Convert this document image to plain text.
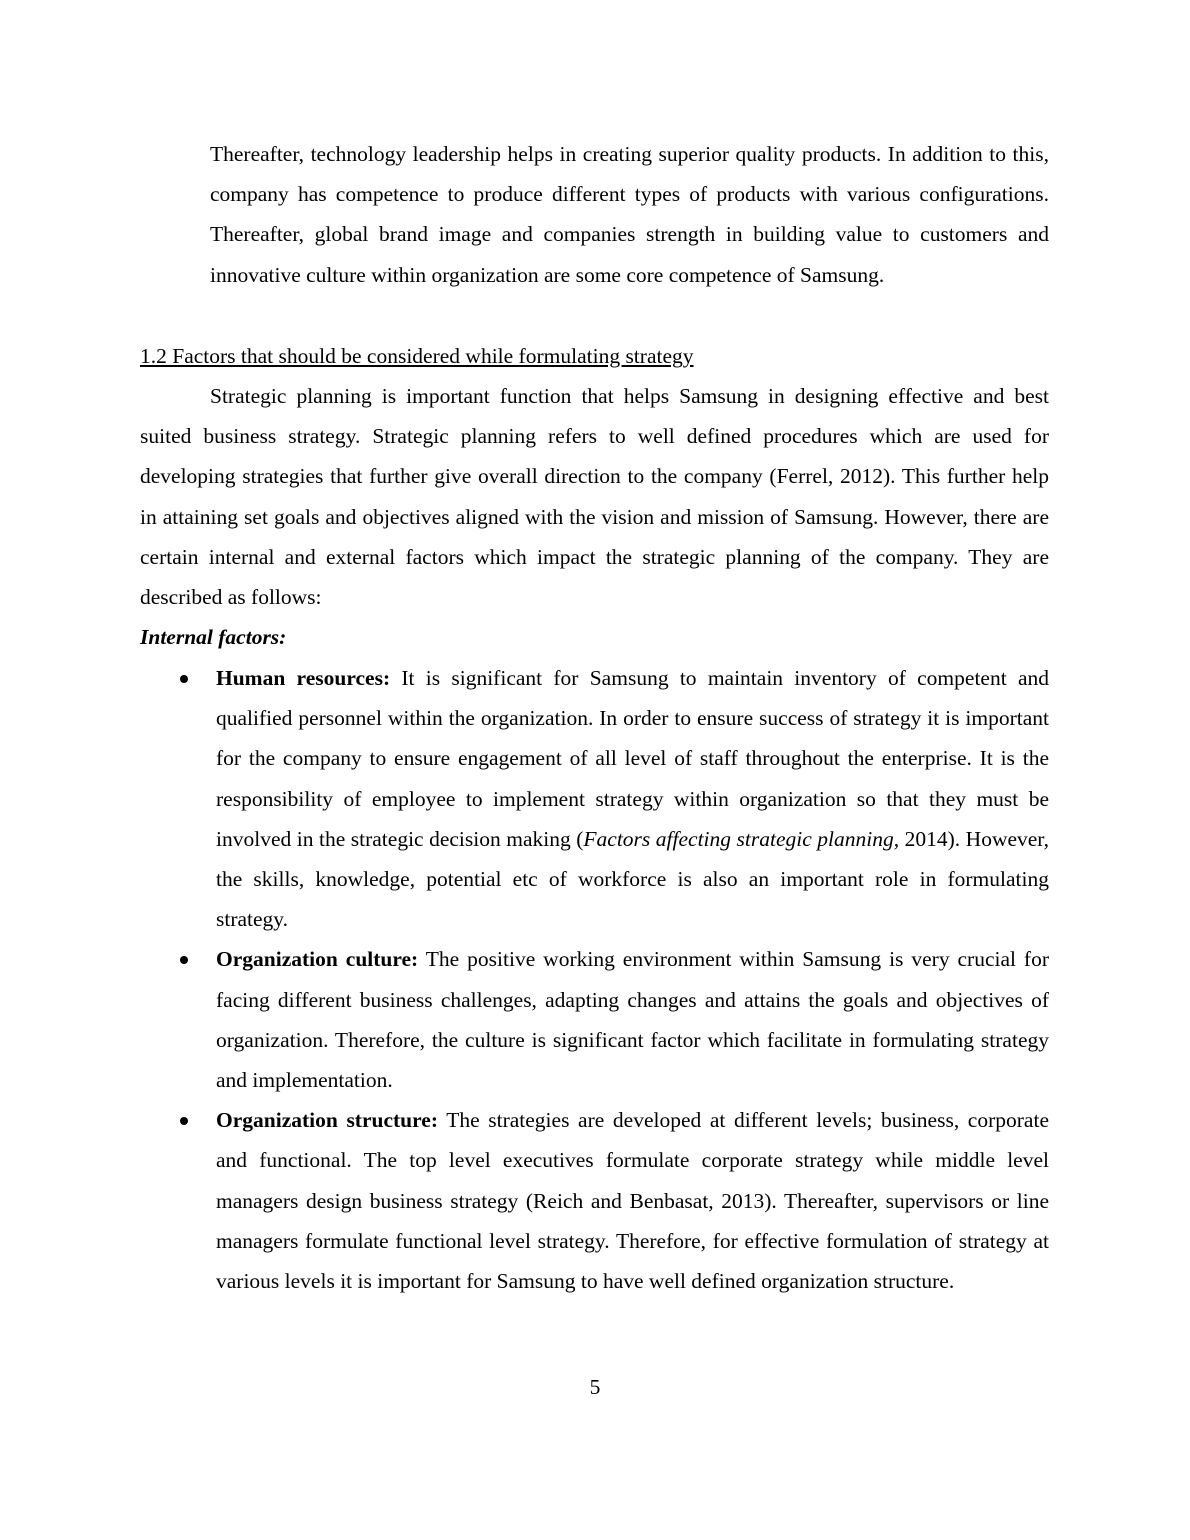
Thereafter, technology leadership helps in creating superior quality products. In addition to this, company has competence to produce different types of products with various configurations. Thereafter, global brand image and companies strength in building value to customers and innovative culture within organization are some core competence of Samsung.

1.2 Factors that should be considered while formulating strategy

Strategic planning is important function that helps Samsung in designing effective and best suited business strategy. Strategic planning refers to well defined procedures which are used for developing strategies that further give overall direction to the company (Ferrel, 2012). This further help in attaining set goals and objectives aligned with the vision and mission of Samsung. However, there are certain internal and external factors which impact the strategic planning of the company. They are described as follows:

Internal factors:

Human resources: It is significant for Samsung to maintain inventory of competent and qualified personnel within the organization. In order to ensure success of strategy it is important for the company to ensure engagement of all level of staff throughout the enterprise. It is the responsibility of employee to implement strategy within organization so that they must be involved in the strategic decision making (Factors affecting strategic planning, 2014). However, the skills, knowledge, potential etc of workforce is also an important role in formulating strategy.
Organization culture: The positive working environment within Samsung is very crucial for facing different business challenges, adapting changes and attains the goals and objectives of organization. Therefore, the culture is significant factor which facilitate in formulating strategy and implementation.
Organization structure: The strategies are developed at different levels; business, corporate and functional. The top level executives formulate corporate strategy while middle level managers design business strategy (Reich and Benbasat, 2013). Thereafter, supervisors or line managers formulate functional level strategy. Therefore, for effective formulation of strategy at various levels it is important for Samsung to have well defined organization structure.

5
